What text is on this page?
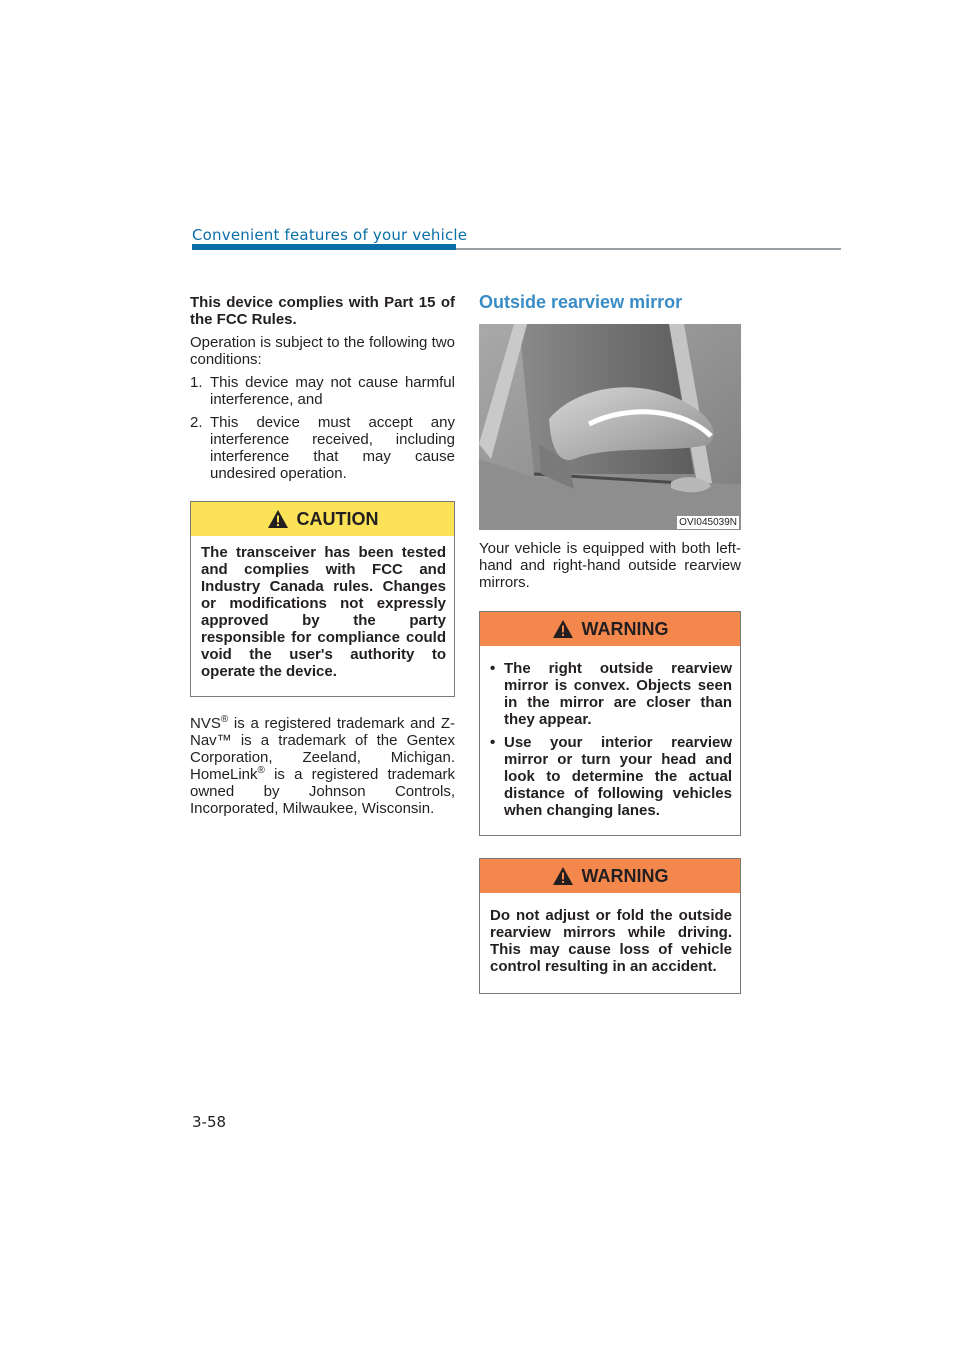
Convenient features of your vehicle

This device complies with Part 15 of the FCC Rules.

Operation is subject to the following two conditions:

1. This device may not cause harmful interference, and
2. This device must accept any interference received, including interference that may cause undesired operation.
CAUTION

The transceiver has been tested and complies with FCC and Industry Canada rules. Changes or modifications not expressly approved by the party responsible for compliance could void the user's authority to operate the device.

NVS® is a registered trademark and Z-Nav™ is a trademark of the Gentex Corporation, Zeeland, Michigan. HomeLink® is a registered trademark owned by Johnson Controls, Incorporated, Milwaukee, Wisconsin.

Outside rearview mirror
OVI045039N

Your vehicle is equipped with both left-hand and right-hand outside rearview mirrors.

WARNING
• The right outside rearview mirror is convex. Objects seen in the mirror are closer than they appear.
• Use your interior rearview mirror or turn your head and look to determine the actual distance of following vehicles when changing lanes.
WARNING

Do not adjust or fold the outside rearview mirrors while driving. This may cause loss of vehicle control resulting in an accident.

3-58
